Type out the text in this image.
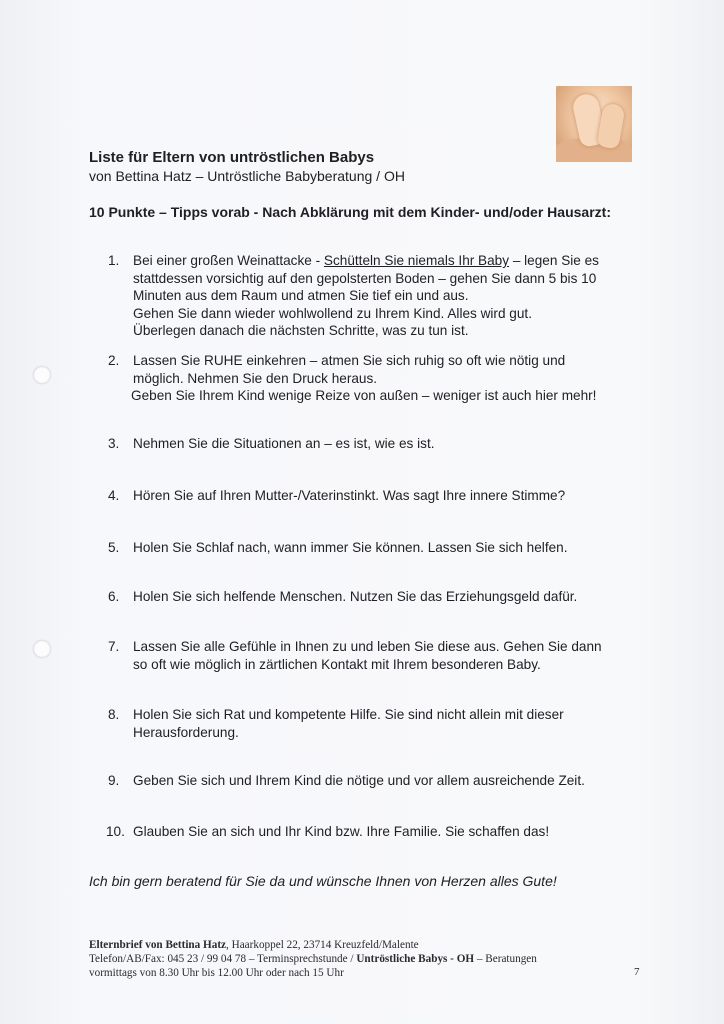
Liste für Eltern von untröstlichen Babys
von Bettina Hatz – Untröstliche Babyberatung / OH
10 Punkte – Tipps vorab - Nach Abklärung mit dem Kinder- und/oder Hausarzt:
1.	Bei einer großen Weinattacke - Schütteln Sie niemals Ihr Baby – legen Sie es
stattdessen vorsichtig auf den gepolsterten Boden – gehen Sie dann 5 bis 10
Minuten aus dem Raum und atmen Sie tief ein und aus.
Gehen Sie dann wieder wohlwollend zu Ihrem Kind. Alles wird gut.
Überlegen danach die nächsten Schritte, was zu tun ist.
2.	Lassen Sie RUHE einkehren – atmen Sie sich ruhig so oft wie nötig und
möglich. Nehmen Sie den Druck heraus.
Geben Sie Ihrem Kind wenige Reize von außen – weniger ist auch hier mehr!
3.	Nehmen Sie die Situationen an – es ist, wie es ist.
4.	Hören Sie auf Ihren Mutter-/Vaterinstinkt. Was sagt Ihre innere Stimme?
5.	Holen Sie Schlaf nach, wann immer Sie können. Lassen Sie sich helfen.
6.	Holen Sie sich helfende Menschen. Nutzen Sie das Erziehungsgeld dafür.
7.	Lassen Sie alle Gefühle in Ihnen zu und leben Sie diese aus. Gehen Sie dann
so oft wie möglich in zärtlichen Kontakt mit Ihrem besonderen Baby.
8.	Holen Sie sich Rat und kompetente Hilfe. Sie sind nicht allein mit dieser
Herausforderung.
9.	Geben Sie sich und Ihrem Kind die nötige und vor allem ausreichende Zeit.
10. Glauben Sie an sich und Ihr Kind bzw. Ihre Familie. Sie schaffen das!
Ich bin gern beratend für Sie da und wünsche Ihnen von Herzen alles Gute!
Elternbrief von Bettina Hatz, Haarkoppel 22, 23714 Kreuzfeld/Malente
Telefon/AB/Fax: 045 23 / 99 04 78 – Terminsprechstunde / Untröstliche Babys - OH – Beratungen
vormittags von 8.30 Uhr bis 12.00 Uhr oder nach 15 Uhr	7
